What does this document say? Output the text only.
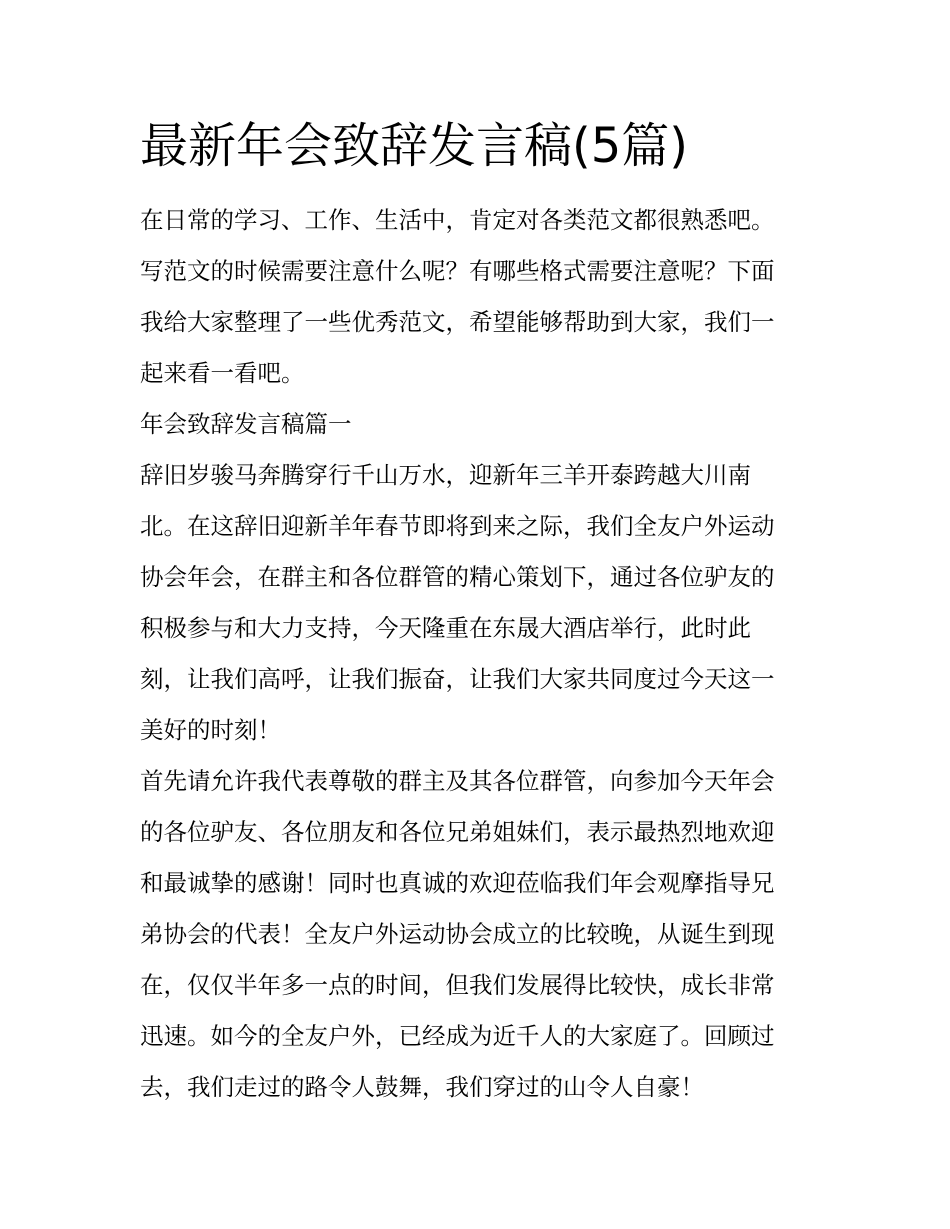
最新年会致辞发言稿(5篇)
在日常的学习、工作、生活中，肯定对各类范文都很熟悉吧。
写范文的时候需要注意什么呢？有哪些格式需要注意呢？下面
我给大家整理了一些优秀范文，希望能够帮助到大家，我们一
起来看一看吧。
年会致辞发言稿篇一
辞旧岁骏马奔腾穿行千山万水，迎新年三羊开泰跨越大川南
北。在这辞旧迎新羊年春节即将到来之际，我们全友户外运动
协会年会，在群主和各位群管的精心策划下，通过各位驴友的
积极参与和大力支持，今天隆重在东晟大酒店举行，此时此
刻，让我们高呼，让我们振奋，让我们大家共同度过今天这一
美好的时刻！
首先请允许我代表尊敬的群主及其各位群管，向参加今天年会
的各位驴友、各位朋友和各位兄弟姐妹们，表示最热烈地欢迎
和最诚挚的感谢！同时也真诚的欢迎莅临我们年会观摩指导兄
弟协会的代表！全友户外运动协会成立的比较晚，从诞生到现
在，仅仅半年多一点的时间，但我们发展得比较快，成长非常
迅速。如今的全友户外，已经成为近千人的大家庭了。回顾过
去，我们走过的路令人鼓舞，我们穿过的山令人自豪！
